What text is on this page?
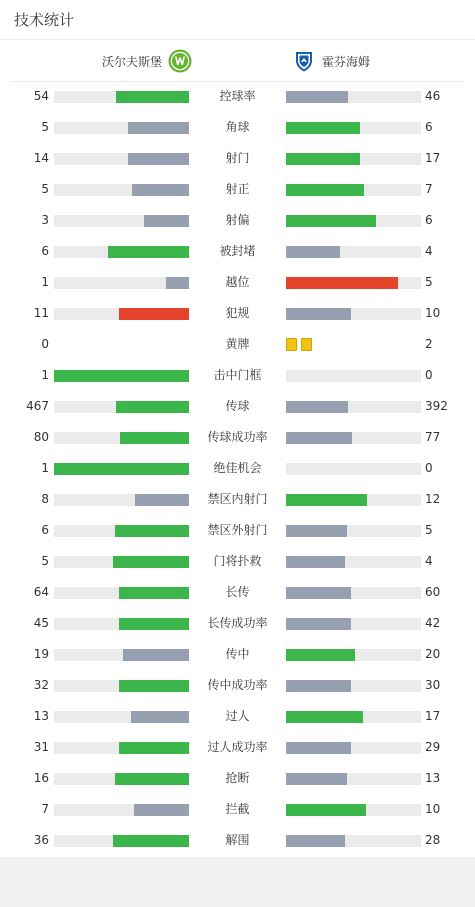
技术统计
沃尔夫斯堡	霍芬海姆
54	控球率	46
5	角球	6
14	射门	17
5	射正	7
3	射偏	6
6	被封堵	4
1	越位	5
11	犯规	10
0	黄牌	2
1	击中门框	0
467	传球	392
80	传球成功率	77
1	绝佳机会	0
8	禁区内射门	12
6	禁区外射门	5
5	门将扑救	4
64	长传	60
45	长传成功率	42
19	传中	20
32	传中成功率	30
13	过人	17
31	过人成功率	29
16	抢断	13
7	拦截	10
36	解围	28
